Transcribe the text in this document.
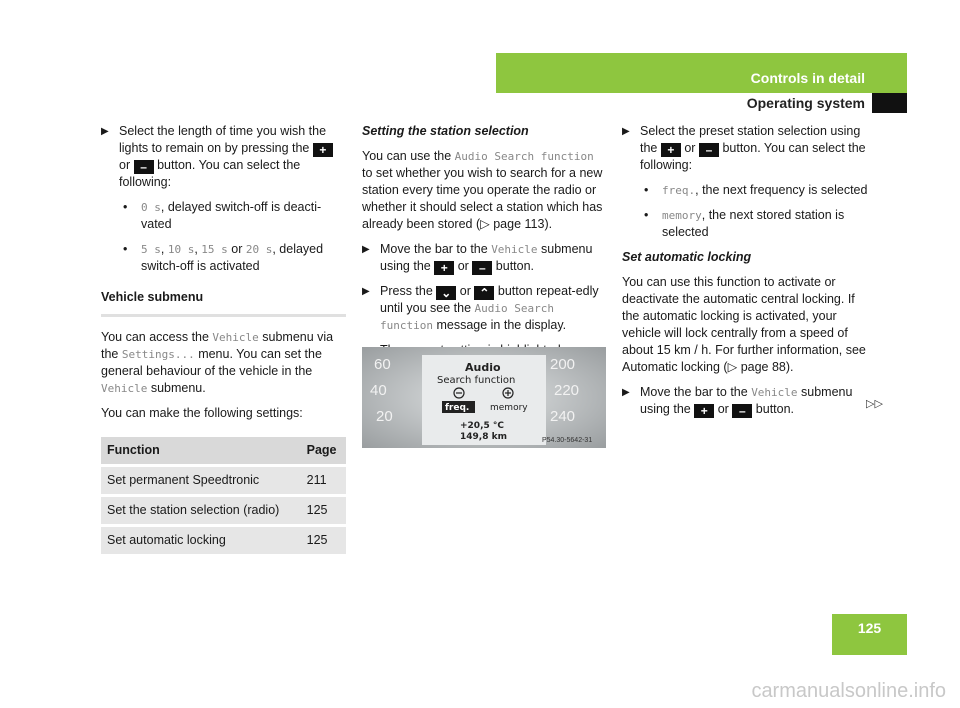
Controls in detail
Operating system
▶ Select the length of time you wish the lights to remain on by pressing the + or – button. You can select the following:
• 0 s, delayed switch-off is deacti-vated
• 5 s, 10 s, 15 s or 20 s, delayed switch-off is activated

Vehicle submenu

You can access the Vehicle submenu via the Settings... menu. You can set the general behaviour of the vehicle in the Vehicle submenu.

You can make the following settings:

Function	Page
Set permanent Speedtronic	211
Set the station selection (radio)	125
Set automatic locking	125

Setting the station selection

You can use the Audio Search function to set whether you wish to search for a new station every time you operate the radio or whether it should select a station which has already been stored (▷ page 113).

▶ Move the bar to the Vehicle submenu using the + or – button.
▶ Press the ⌄ or ⌃ button repeat-edly until you see the Audio Search function message in the display.

60
40
20
200
220
240
Audio
Search function
freq. memory
+20,5 °C
149,8 km	P54.30-5642-31
▶ Select the preset station selection using the + or – button. You can select the following:
• freq., the next frequency is selected
• memory, the next stored station is selected

Set automatic locking

You can use this function to activate or deactivate the automatic central locking. If the automatic locking is activated, your vehicle will lock centrally from a speed of about 15 km / h. For further information, see Automatic locking (▷ page 88).

▶ Move the bar to the Vehicle submenu using the + or – button.	▷▷
125
carmanualsonline.info
